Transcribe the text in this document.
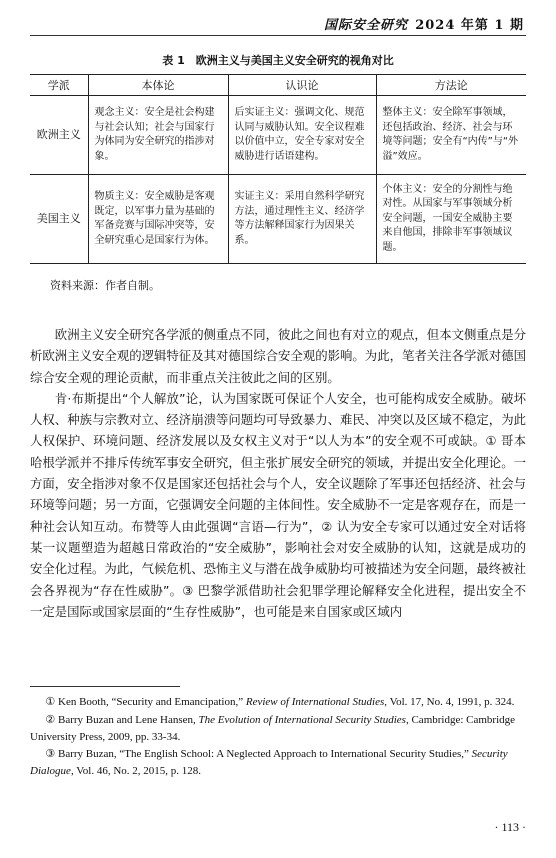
国际安全研究 2024 年第 1 期
表 1　欧洲主义与美国主义安全研究的视角对比
学派	本体论	认识论	方法论
欧洲主义	观念主义：安全是社会构建与社会认知；社会与国家行为体同为安全研究的指涉对象。	后实证主义：强调文化、规范认同与威胁认知。安全议程难以价值中立，安全专家对安全威胁进行话语建构。	整体主义：安全除军事领域，还包括政治、经济、社会与环境等问题；安全有“内传”与“外溢”效应。

美国主义	物质主义：安全威胁是客观既定，以军事力量为基础的军备竞赛与国际冲突等，安全研究重心是国家行为体。	实证主义：采用自然科学研究方法，通过理性主义、经济学等方法解释国家行为因果关系。	个体主义：安全的分割性与绝对性。从国家与军事领域分析安全问题，一国安全威胁主要来自他国，排除非军事领域议题。
资料来源：作者自制。

欧洲主义安全研究各学派的侧重点不同，彼此之间也有对立的观点，但本文侧重点是分析欧洲主义安全观的逻辑特征及其对德国综合安全观的影响。为此，笔者关注各学派对德国综合安全观的理论贡献，而非重点关注彼此之间的区别。

肯·布斯提出“个人解放”论，认为国家既可保证个人安全，也可能构成安全威胁。破坏人权、种族与宗教对立、经济崩溃等问题均可导致暴力、难民、冲突以及区域不稳定，为此人权保护、环境问题、经济发展以及女权主义对于“以人为本”的安全观不可或缺。① 哥本哈根学派并不排斥传统军事安全研究，但主张扩展安全研究的领域，并提出安全化理论。一方面，安全指涉对象不仅是国家还包括社会与个人，安全议题除了军事还包括经济、社会与环境等问题；另一方面，它强调安全问题的主体间性。安全威胁不一定是客观存在，而是一种社会认知互动。布赞等人由此强调“言语—行为”，② 认为安全专家可以通过安全对话将某一议题塑造为超越日常政治的“安全威胁”，影响社会对安全威胁的认知，这就是成功的安全化过程。为此，气候危机、恐怖主义与潜在战争威胁均可被描述为安全问题，最终被社会各界视为“存在性威胁”。③ 巴黎学派借助社会犯罪学理论解释安全化进程，提出安全不一定是国际或国家层面的“生存性威胁”，也可能是来自国家或区域内

① Ken Booth, “Security and Emancipation,” Review of International Studies, Vol. 17, No. 4, 1991, p. 324.

② Barry Buzan and Lene Hansen, The Evolution of International Security Studies, Cambridge: Cambridge University Press, 2009, pp. 33-34.

③ Barry Buzan, “The English School: A Neglected Approach to International Security Studies,” Security Dialogue, Vol. 46, No. 2, 2015, p. 128.

· 113 ·
